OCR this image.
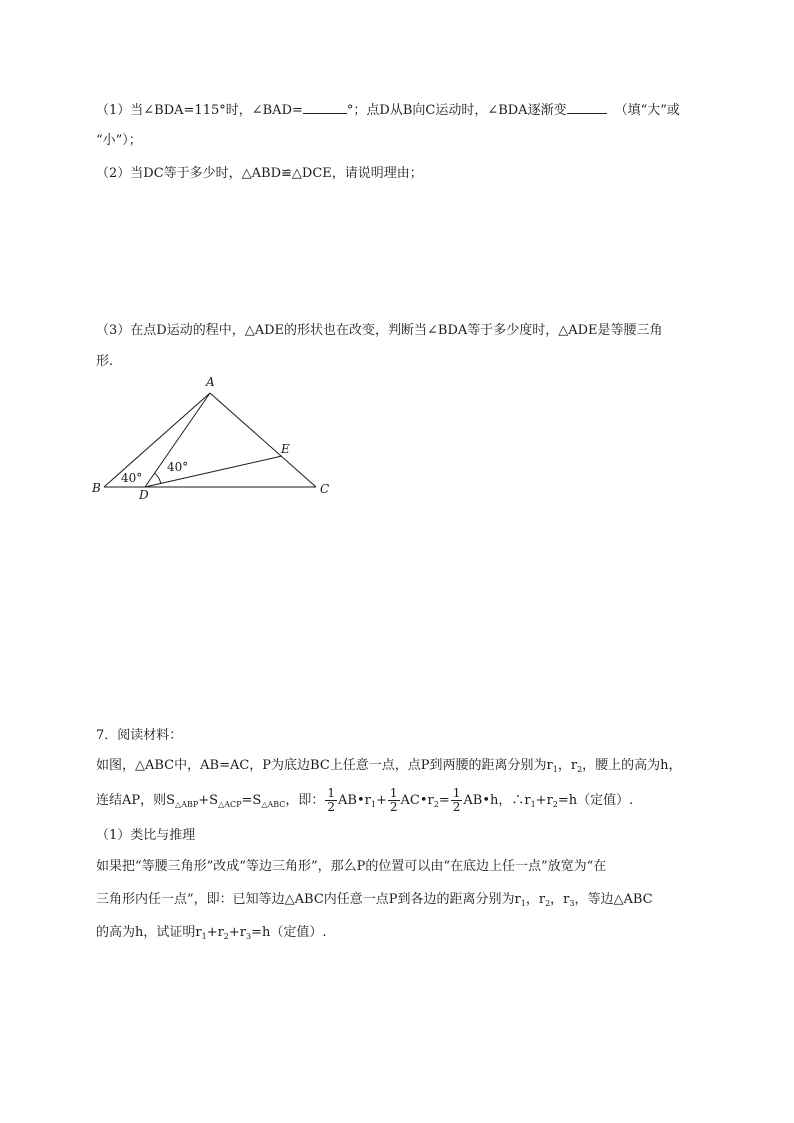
（1）当∠BDA=115°时，∠BAD=	°；点D从B向C运动时，∠BDA逐渐变	（填“大”或
“小”）；
（2）当DC等于多少时，△ABD≌△DCE，请说明理由；
（3）在点D运动的程中，△ADE的形状也在改变，判断当∠BDA等于多少度时，△ADE是等腰三角
形.
A
B	C
D
E
40°
40°
7．阅读材料：
如图，△ABC中，AB=AC，P为底边BC上任意一点，点P到两腰的距离分别为$r_1$，$r_2$，腰上的高为h，
连结AP，则$S_{\triangle ABP}+S_{\triangle ACP}=S_{\triangle ABC}$，即： $\frac{1}{2}$ $AB•r_1+ \frac{1}{2}$ $AC•r_2= \frac{1}{2}$ AB•h，$\therefore r_1+r_2=h$（定值）.
（1）类比与推理
如果把“等腰三角形”改成“等边三角形”，那么P的位置可以由“在底边上任一点”放宽为“在
三角形内任一点”，即：已知等边△ABC内任意一点P到各边的距离分别为$r_1$，$r_2$，$r_3$，等边△ABC
的高为h，试证明$r_1+r_2+r_3=h$（定值）.
